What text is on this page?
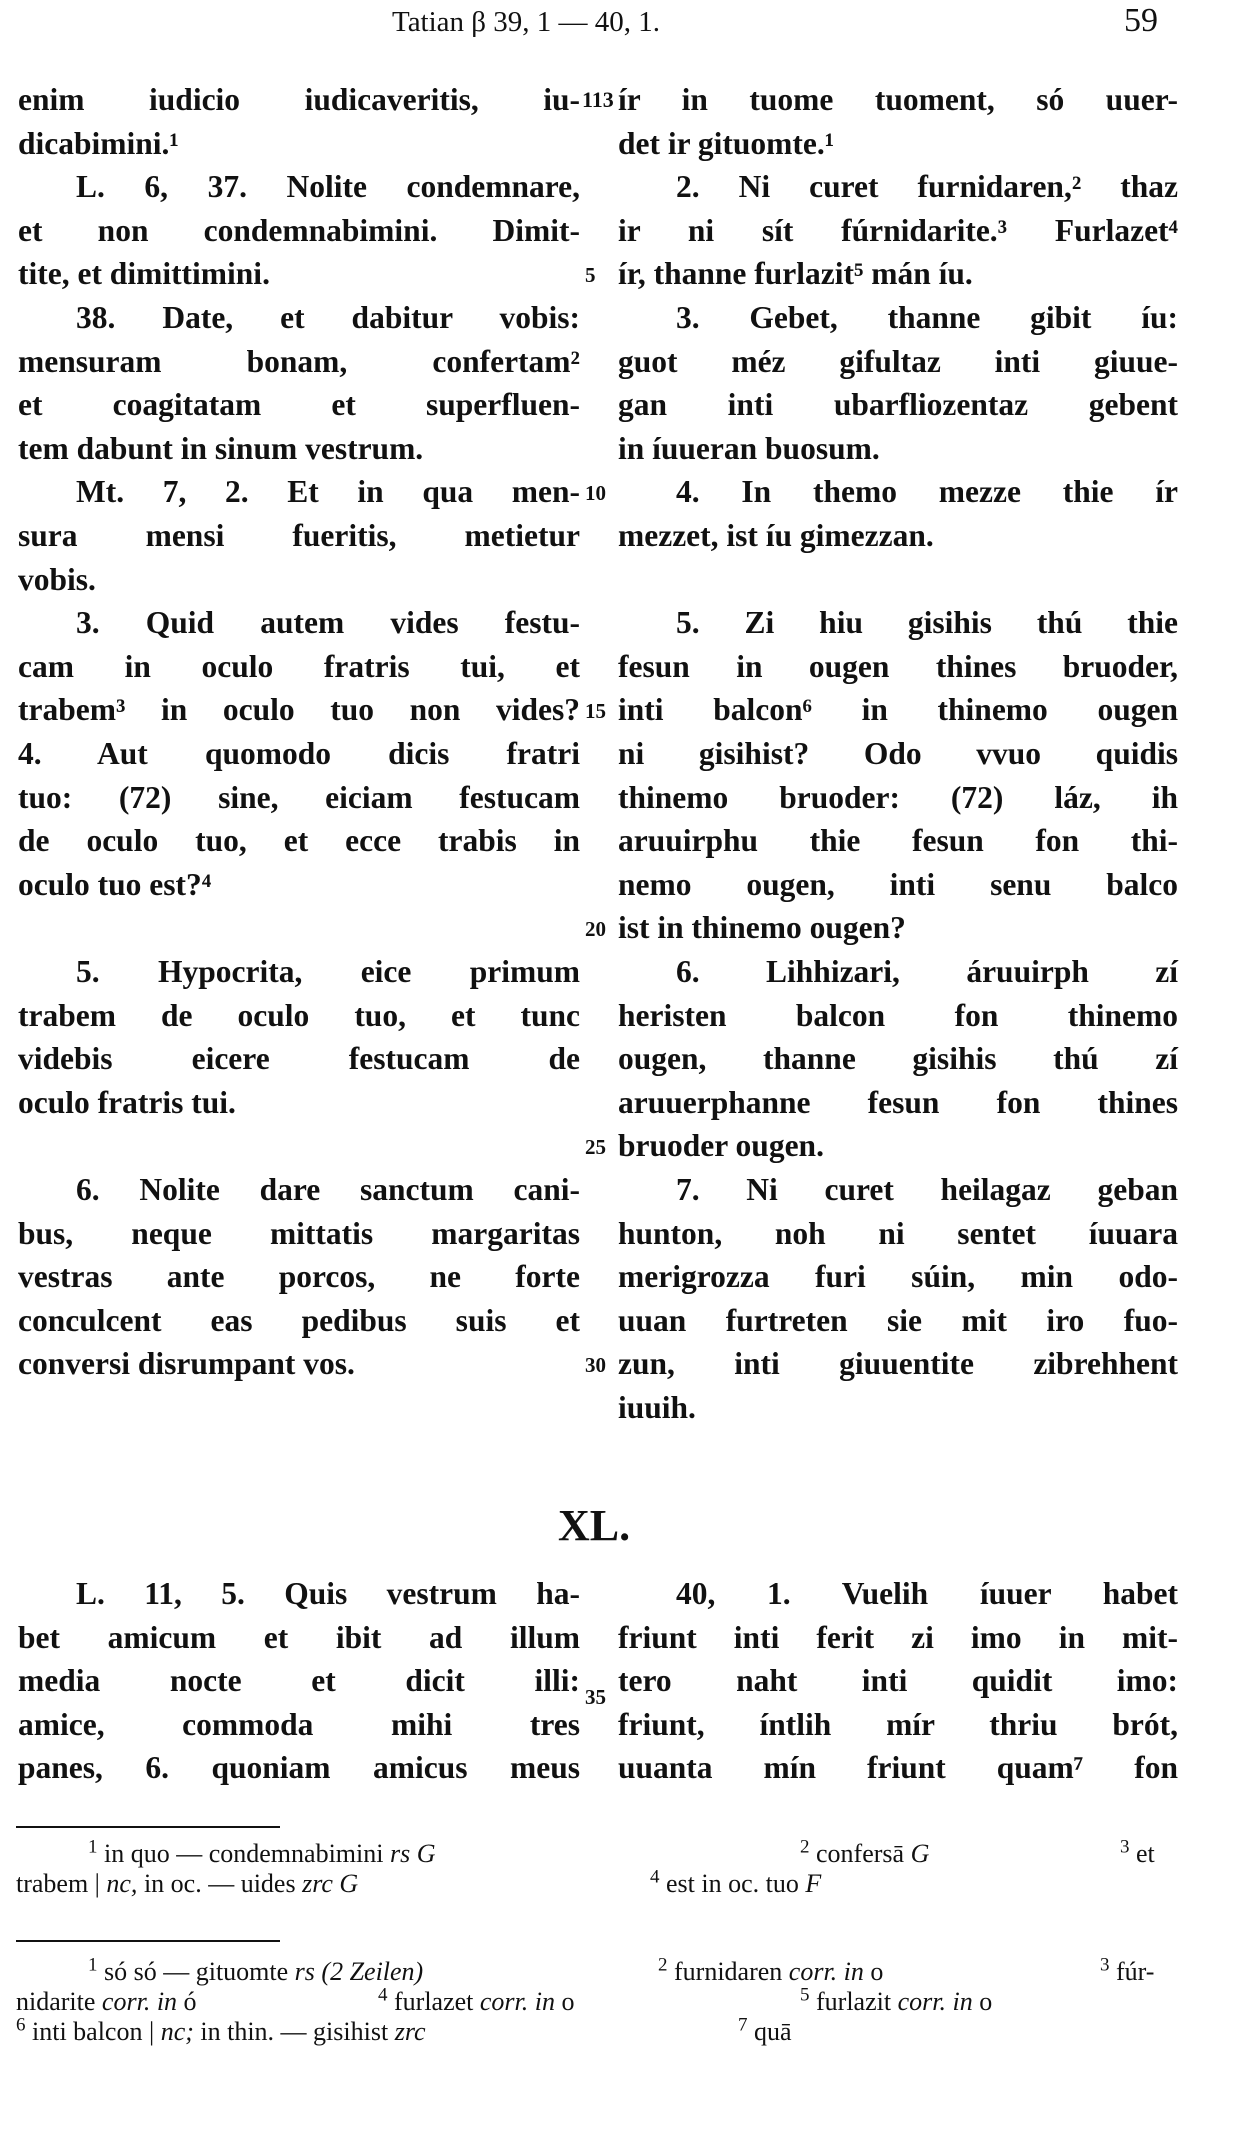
Tatian β 39, 1 — 40, 1.	59
enim iudicio iudicaveritis, iu-
dicabimini.¹
L. 6, 37. Nolite condemnare,
et non condemnabimini. Dimit-
tite, et dimittimini.
38. Date, et dabitur vobis:
mensuram bonam, confertam²
et coagitatam et superfluen-
tem dabunt in sinum vestrum.
Mt. 7, 2. Et in qua men-
sura mensi fueritis, metietur
vobis.
3. Quid autem vides festu-
cam in oculo fratris tui, et
trabem³ in oculo tuo non vides?
4. Aut quomodo dicis fratri
tuo: (72) sine, eiciam festucam
de oculo tuo, et ecce trabis in
oculo tuo est?⁴
5. Hypocrita, eice primum
trabem de oculo tuo, et tunc
videbis eicere festucam de
oculo fratris tui.
6. Nolite dare sanctum cani-
bus, neque mittatis margaritas
vestras ante porcos, ne forte
conculcent eas pedibus suis et
conversi disrumpant vos.
ír in tuome tuoment, só uuer-
det ir gituomte.¹
2. Ni curet furnidaren,² thaz
ir ni sít fúrnidarite.³ Furlazet⁴
ír, thanne furlazit⁵ mán íu.
3. Gebet, thanne gibit íu:
guot méz gifultaz inti giuue-
gan inti ubarfliozentaz gebent
in íuueran buosum.
4. In themo mezze thie ír
mezzet, ist íu gimezzan.
5. Zi hiu gisihis thú thie
fesun in ougen thines bruoder,
inti balcon⁶ in thinemo ougen
ni gisihist? Odo vvuo quidis
thinemo bruoder: (72) láz, ih
aruuirphu thie fesun fon thi-
nemo ougen, inti senu balco
ist in thinemo ougen?
6. Lihhizari, áruuirph zí
heristen balcon fon thinemo
ougen, thanne gisihis thú zí
aruuerphanne fesun fon thines
bruoder ougen.
7. Ni curet heilagaz geban
hunton, noh ni sentet íuuara
merigrozza furi súin, min odo-
uuan furtreten sie mit iro fuo-
zun, inti giuuentite zibrehhent
iuuih.
113
5
10
15
20
25
30
35
XL.
L. 11, 5. Quis vestrum ha-
bet amicum et ibit ad illum
media nocte et dicit illi:
amice, commoda mihi tres
panes, 6. quoniam amicus meus
40, 1. Vuelih íuuer habet
friunt inti ferit zi imo in mit-
tero naht inti quidit imo:
friunt, íntlih mír thriu brót,
uuanta mín friunt quam⁷ fon
$^1$ in quo — condemnabimini rs G	$^2$ confersā G	$^3$ et
trabem | nc, in oc. — uides zrc G	$^4$ est in oc. tuo F
$^1$ só só — gituomte rs (2 Zeilen)	$^2$ furnidaren corr. in o	$^3$ fúr-
nidarite corr. in ó	$^4$ furlazet corr. in o	$^5$ furlazit corr. in o
$^6$ inti balcon | nc; in thin. — gisihist zrc	$^7$ quā
